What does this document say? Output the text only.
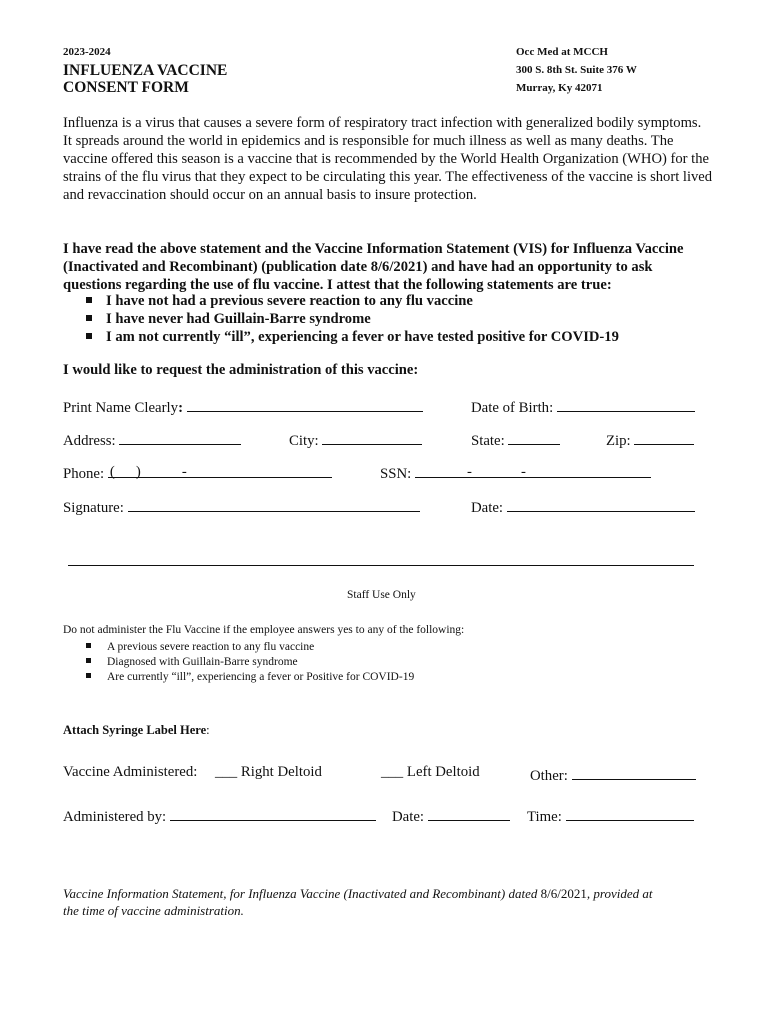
2023-2024
INFLUENZA VACCINE
CONSENT FORM
Occ Med at MCCH
300 S. 8th St. Suite 376 W
Murray, Ky 42071
Influenza is a virus that causes a severe form of respiratory tract infection with generalized bodily symptoms. It spreads around the world in epidemics and is responsible for much illness as well as many deaths. The vaccine offered this season is a vaccine that is recommended by the World Health Organization (WHO) for the strains of the flu virus that they expect to be circulating this year. The effectiveness of the vaccine is short lived and revaccination should occur on an annual basis to insure protection.
I have read the above statement and the Vaccine Information Statement (VIS) for Influenza Vaccine (Inactivated and Recombinant) (publication date 8/6/2021) and have had an opportunity to ask questions regarding the use of flu vaccine. I attest that the following statements are true:
I have not had a previous severe reaction to any flu vaccine
I have never had Guillain-Barre syndrome
I am not currently “ill”, experiencing a fever or have tested positive for COVID-19
I would like to request the administration of this vaccine:
Print Name Clearly:	Date of Birth:
Address:	City:	State:	Zip:
Phone: ( )	-	SSN:	-	-
Signature:	Date:
Staff Use Only
Do not administer the Flu Vaccine if the employee answers yes to any of the following:
A previous severe reaction to any flu vaccine
Diagnosed with Guillain-Barre syndrome
Are currently “ill”, experiencing a fever or Positive for COVID-19
Attach Syringe Label Here:
Vaccine Administered: ___ Right Deltoid	___ Left Deltoid	Other:
Administered by:	Date:	Time:
Vaccine Information Statement, for Influenza Vaccine (Inactivated and Recombinant) dated 8/6/2021, provided at
the time of vaccine administration.
